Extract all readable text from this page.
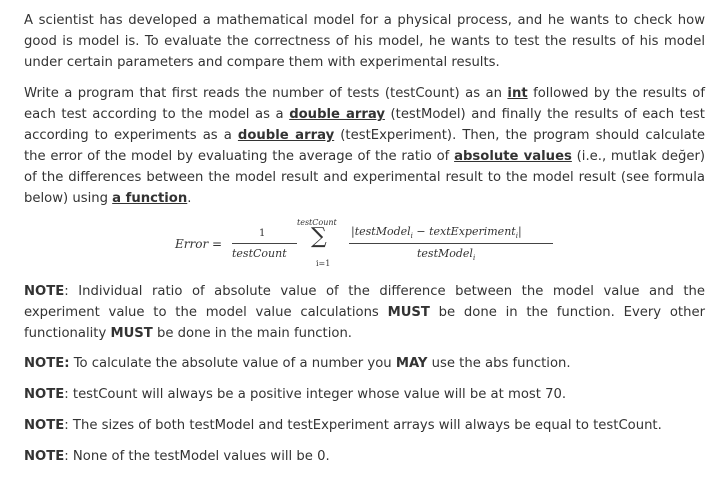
A scientist has developed a mathematical model for a physical process, and he wants to check how good is model is. To evaluate the correctness of his model, he wants to test the results of his model under certain parameters and compare them with experimental results.

Write a program that first reads the number of tests (testCount) as an int followed by the results of each test according to the model as a double array (testModel) and finally the results of each test according to experiments as a double array (testExperiment). Then, the program should calculate the error of the model by evaluating the average of the ratio of absolute values (i.e., mutlak değer) of the differences between the model result and experimental result to the model result (see formula below) using a function.

Error =
1
testCount
testCount
∑
i=1
|testModel$_i$ − textExperiment$_i$|
testModel$_i$

NOTE: Individual ratio of absolute value of the difference between the model value and the experiment value to the model value calculations MUST be done in the function. Every other functionality MUST be done in the main function.

NOTE: To calculate the absolute value of a number you MAY use the abs function.

NOTE: testCount will always be a positive integer whose value will be at most 70.

NOTE: The sizes of both testModel and testExperiment arrays will always be equal to testCount.

NOTE: None of the testModel values will be 0.
